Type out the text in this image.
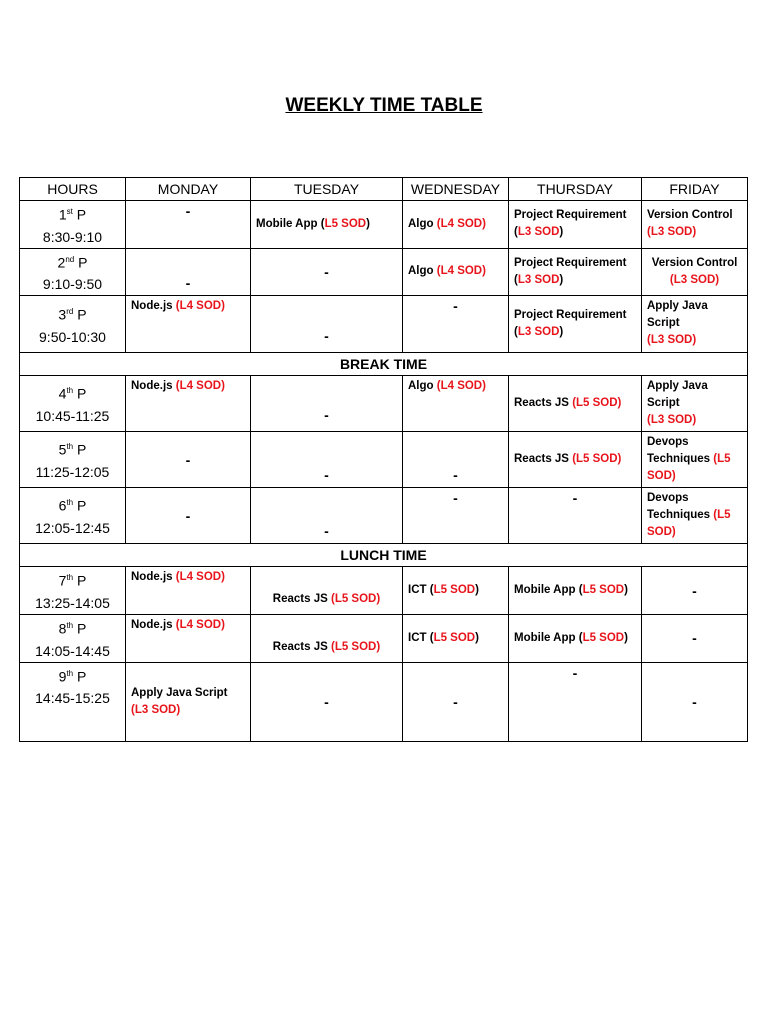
WEEKLY TIME TABLE
HOURS	MONDAY	TUESDAY	WEDNESDAY	THURSDAY	FRIDAY
1st P
8:30-9:10	-	Mobile App (L5 SOD)	Algo (L4 SOD)	Project Requirement (L3 SOD)	Version Control
(L3 SOD)
2nd P
9:10-9:50	-	-	Algo (L4 SOD)	Project Requirement (L3 SOD)	Version Control
(L3 SOD)
3rd P
9:50-10:30	Node.js (L4 SOD)	-	-	Project Requirement (L3 SOD)	Apply Java Script
(L3 SOD)
BREAK TIME					
4th P
10:45-11:25	Node.js (L4 SOD)	-	Algo (L4 SOD)	Reacts JS (L5 SOD)	Apply Java Script
(L3 SOD)
5th P
11:25-12:05	-	-	-	Reacts JS (L5 SOD)	Devops Techniques (L5
SOD)
6th P
12:05-12:45	-	-	-	-	Devops Techniques (L5
SOD)
LUNCH TIME					
7th P
13:25-14:05	Node.js (L4 SOD)	Reacts JS (L5 SOD)	ICT (L5 SOD)	Mobile App (L5 SOD)	-
8th P
14:05-14:45	Node.js (L4 SOD)	Reacts JS (L5 SOD)	ICT (L5 SOD)	Mobile App (L5 SOD)	-
9th P
14:45-15:25	Apply Java Script
(L3 SOD)	-	-	-	-
